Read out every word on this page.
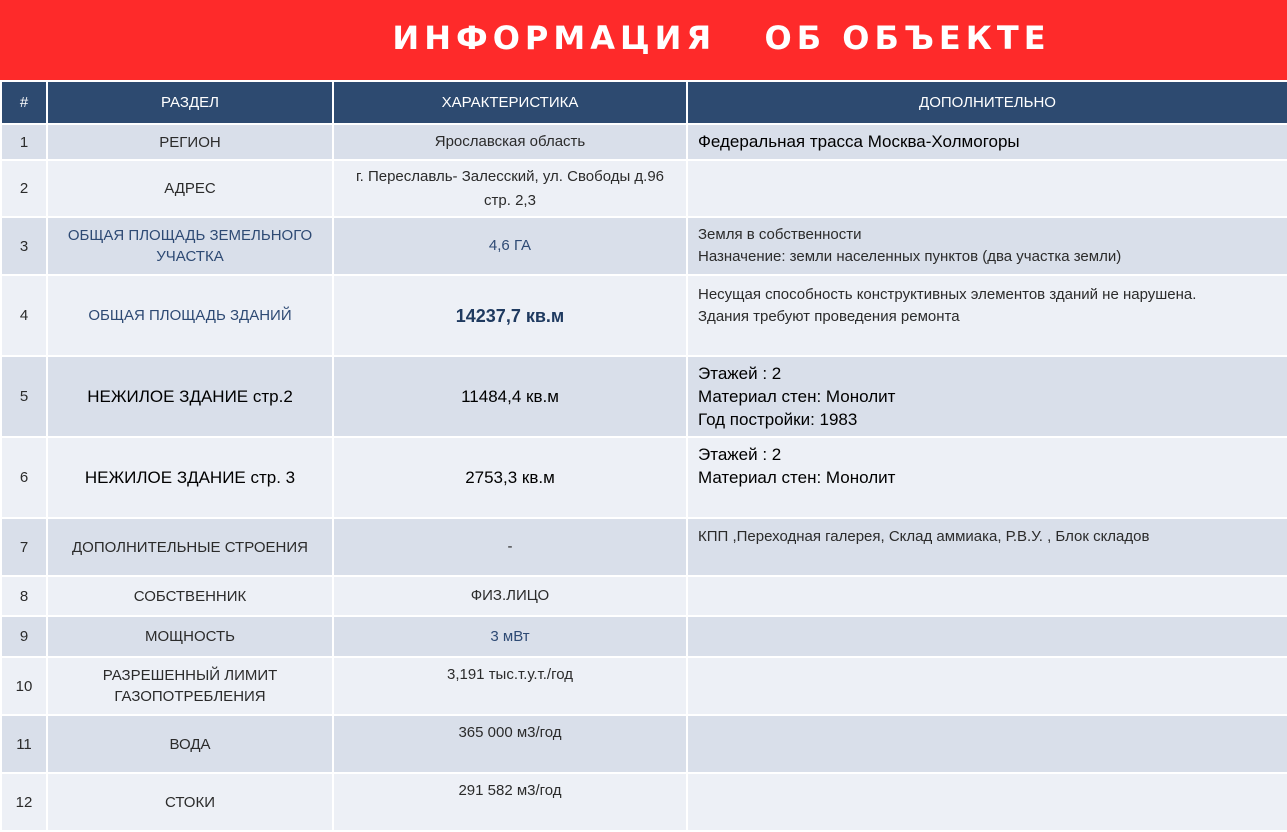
ИНФОРМАЦИЯ   ОБ ОБЪЕКТЕ
#	РАЗДЕЛ	ХАРАКТЕРИСТИКА	ДОПОЛНИТЕЛЬНО
1	РЕГИОН	Ярославская область	Федеральная трасса Москва-Холмогоры
2	АДРЕС	г. Переславль- Залесский, ул. Свободы д.96 стр. 2,3	
3	ОБЩАЯ ПЛОЩАДЬ ЗЕМЕЛЬНОГО УЧАСТКА	4,6 ГА	Земля в собственности
Назначение: земли населенных пунктов (два участка земли)
4	ОБЩАЯ ПЛОЩАДЬ ЗДАНИЙ	14237,7 кв.м	Несущая способность конструктивных элементов зданий не нарушена.
Здания требуют проведения ремонта
5	НЕЖИЛОЕ ЗДАНИЕ стр.2	11484,4 кв.м	Этажей : 2
Материал стен: Монолит
Год постройки: 1983
6	НЕЖИЛОЕ ЗДАНИЕ стр. 3	2753,3 кв.м	Этажей : 2
Материал стен: Монолит
7	ДОПОЛНИТЕЛЬНЫЕ СТРОЕНИЯ	-	КПП ,Переходная галерея, Склад аммиака, Р.В.У. , Блок складов
8	СОБСТВЕННИК	ФИЗ.ЛИЦО	
9	МОЩНОСТЬ	3 мВт	
10	РАЗРЕШЕННЫЙ ЛИМИТ ГАЗОПОТРЕБЛЕНИЯ	3,191 тыс.т.у.т./год	
11	ВОДА	365 000 м3/год	
12	СТОКИ	291 582 м3/год	
